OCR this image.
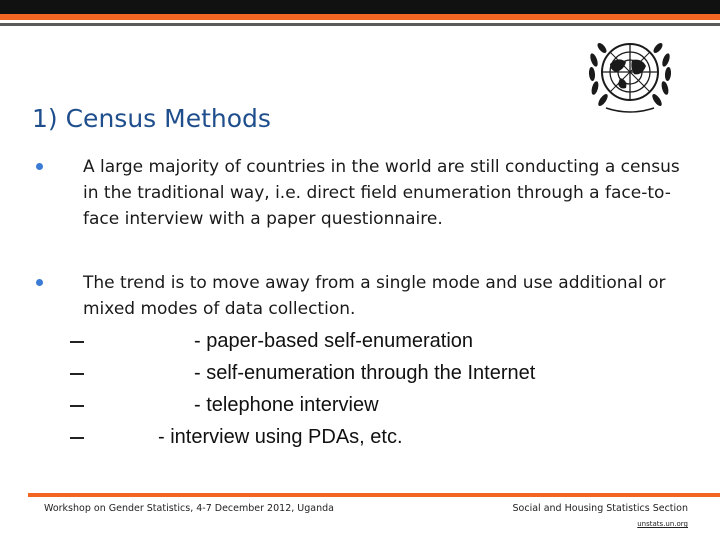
1) Census Methods
A large majority of countries in the world are still conducting a census in the traditional way, i.e. direct field enumeration through a face-to-face interview with a paper questionnaire.
The trend is to move away from a single mode and use additional or mixed modes of data collection.
- paper-based self-enumeration
- self-enumeration through the Internet
- telephone interview
- interview using PDAs, etc.
Workshop on Gender Statistics, 4-7 December 2012, Uganda	Social and Housing Statistics Section
unstats.un.org
